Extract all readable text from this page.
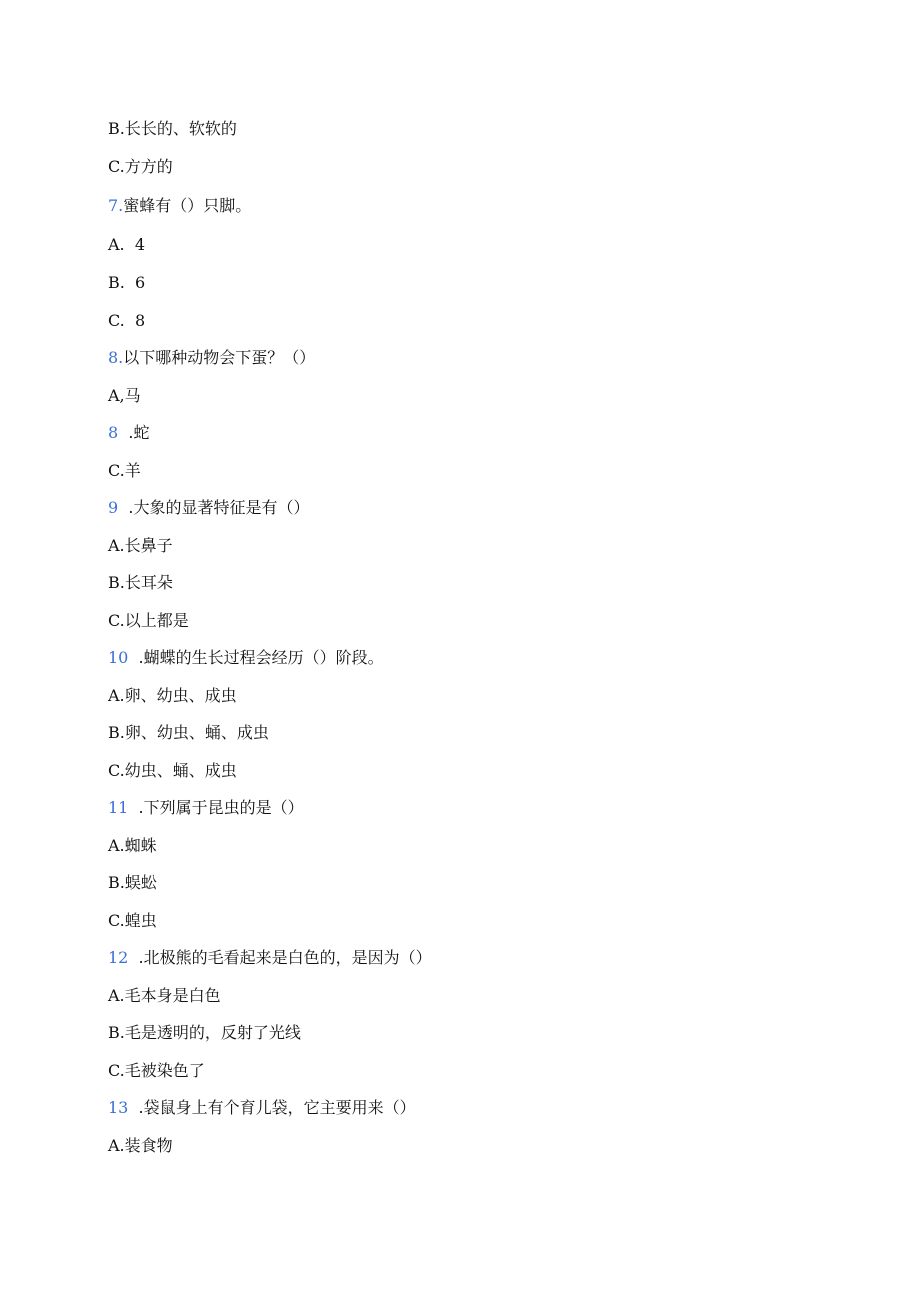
B.长长的、软软的
C.方方的
7.蜜蜂有（）只脚。
A.  4
B.  6
C.  8
8.以下哪种动物会下蛋？（）
A,马
8  .蛇
C.羊
9  .大象的显著特征是有（）
A.长鼻子
B.长耳朵
C.以上都是
10  .蝴蝶的生长过程会经历（）阶段。
A.卵、幼虫、成虫
B.卵、幼虫、蛹、成虫
C.幼虫、蛹、成虫
11  .下列属于昆虫的是（）
A.蜘蛛
B.蜈蚣
C.蝗虫
12  .北极熊的毛看起来是白色的，是因为（）
A.毛本身是白色
B.毛是透明的，反射了光线
C.毛被染色了
13  .袋鼠身上有个育儿袋，它主要用来（）
A.装食物
